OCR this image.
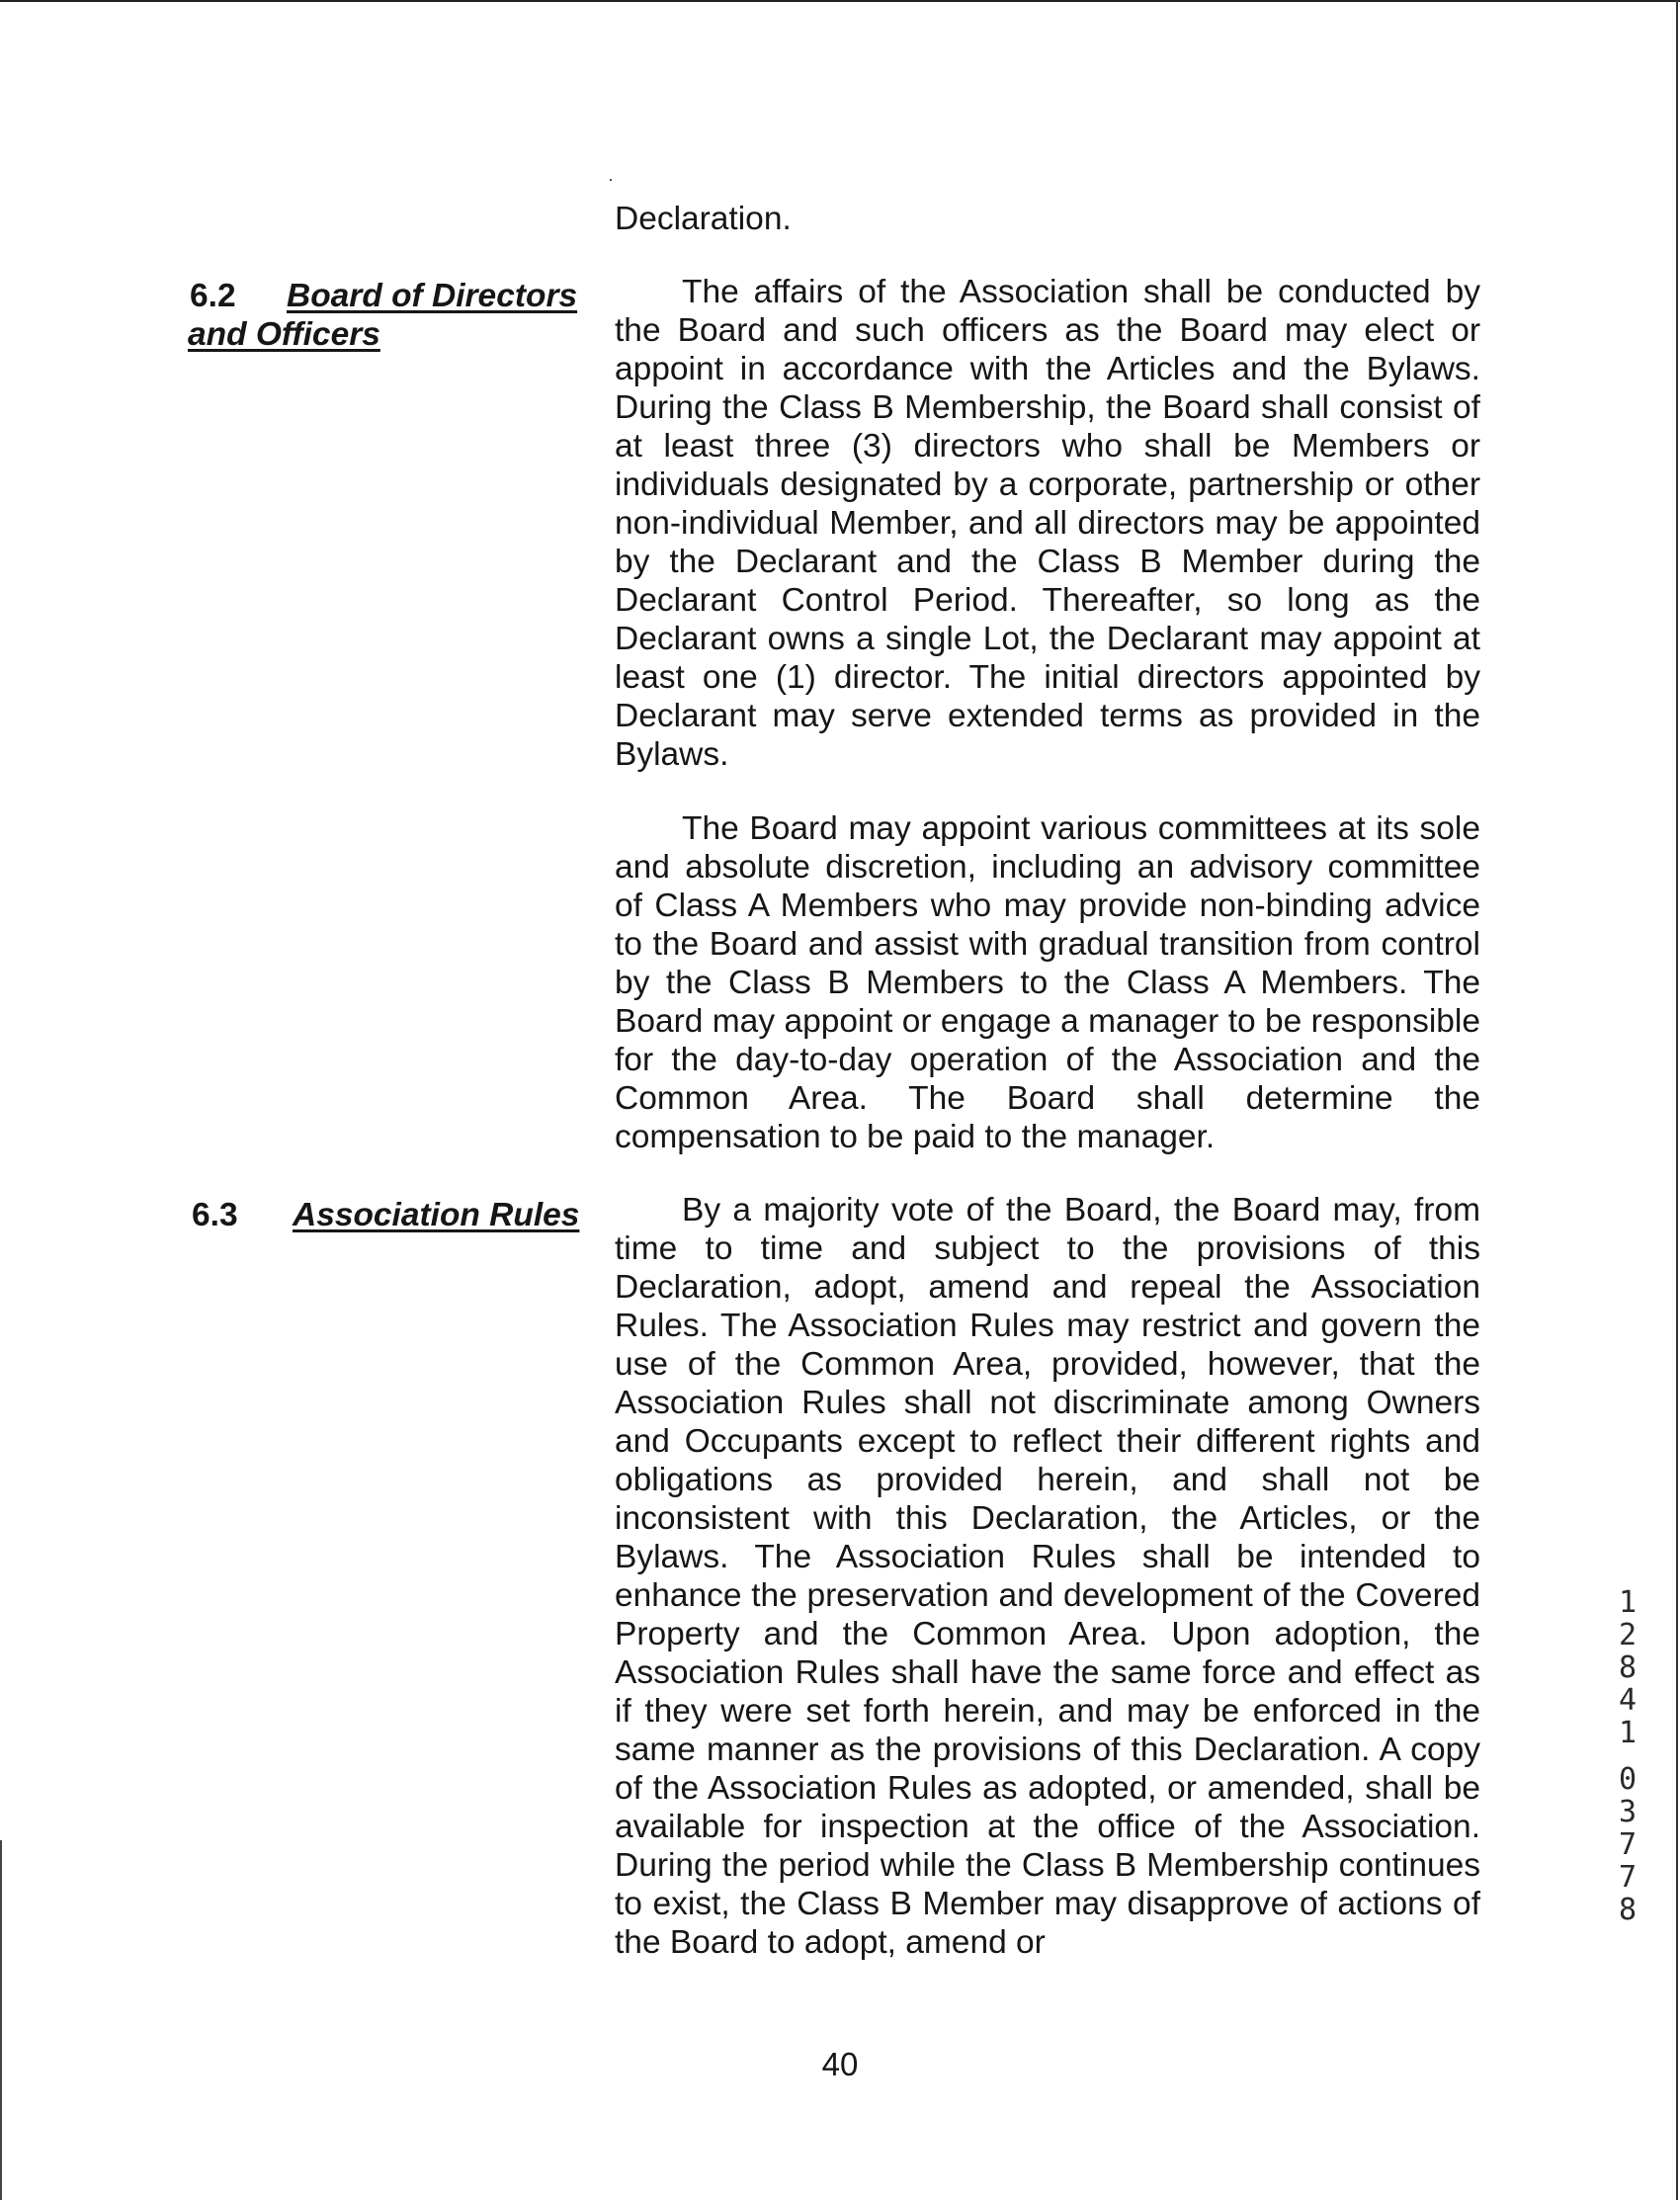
Declaration.

6.2 Board of Directors

and Officers

The affairs of the Association shall be conducted by the Board and such officers as the Board may elect or appoint in accordance with the Articles and the Bylaws. During the Class B Membership, the Board shall consist of at least three (3) directors who shall be Members or individuals designated by a corporate, partnership or other non-individual Member, and all directors may be appointed by the Declarant and the Class B Member during the Declarant Control Period. Thereafter, so long as the Declarant owns a single Lot, the Declarant may appoint at least one (1) director. The initial directors appointed by Declarant may serve extended terms as provided in the Bylaws.

The Board may appoint various committees at its sole and absolute discretion, including an advisory committee of Class A Members who may provide non-binding advice to the Board and assist with gradual transition from control by the Class B Members to the Class A Members. The Board may appoint or engage a manager to be responsible for the day-to-day operation of the Association and the Common Area. The Board shall determine the compensation to be paid to the manager.

6.3 Association Rules	By a majority vote of the Board, the Board may, from time to time and subject to the provisions of this Declaration, adopt, amend and repeal the Association Rules. The Association Rules may restrict and govern the use of the Common Area, provided, however, that the Association Rules shall not discriminate among Owners and Occupants except to reflect their different rights and obligations as provided herein, and shall not be inconsistent with this Declaration, the Articles, or the Bylaws. The Association Rules shall be intended to enhance the preservation and development of the Covered Property and the Common Area. Upon adoption, the Association Rules shall have the same force and effect as if they were set forth herein, and may be enforced in the same manner as the provisions of this Declaration. A copy of the Association Rules as adopted, or amended, shall be available for inspection at the office of the Association. During the period while the Class B Membership continues to exist, the Class B Member may disapprove of actions of the Board to adopt, amend or

40

1
2
8
4
1
0
3
7
7
8
